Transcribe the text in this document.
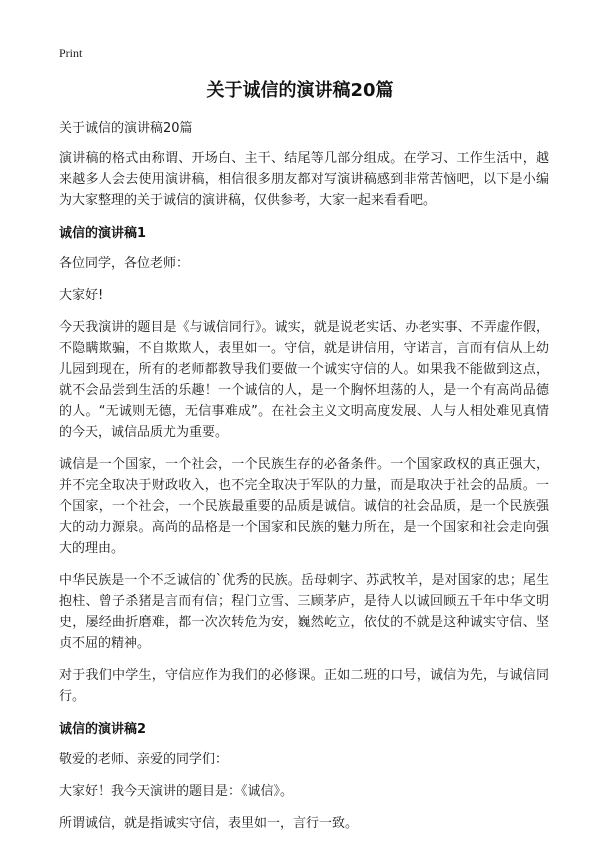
Print
关于诚信的演讲稿20篇

关于诚信的演讲稿20篇

演讲稿的格式由称谓、开场白、主干、结尾等几部分组成。在学习、工作生活中，越来越多人会去使用演讲稿，相信很多朋友都对写演讲稿感到非常苦恼吧，以下是小编为大家整理的关于诚信的演讲稿，仅供参考，大家一起来看看吧。

诚信的演讲稿1

各位同学，各位老师：

大家好!

今天我演讲的题目是《与诚信同行》。诚实，就是说老实话、办老实事、不弄虚作假，不隐瞒欺骗，不自欺欺人，表里如一。守信，就是讲信用，守诺言，言而有信从上幼儿园到现在，所有的老师都教导我们要做一个诚实守信的人。如果我不能做到这点，就不会品尝到生活的乐趣！一个诚信的人，是一个胸怀坦荡的人，是一个有高尚品德的人。“无诚则无德，无信事难成”。在社会主义文明高度发展、人与人相处难见真情的今天，诚信品质尤为重要。

诚信是一个国家，一个社会，一个民族生存的必备条件。一个国家政权的真正强大，并不完全取决于财政收入，也不完全取决于军队的力量，而是取决于社会的品质。一个国家，一个社会，一个民族最重要的品质是诚信。诚信的社会品质，是一个民族强大的动力源泉。高尚的品格是一个国家和民族的魅力所在，是一个国家和社会走向强大的理由。

中华民族是一个不乏诚信的`优秀的民族。岳母刺字、苏武牧羊，是对国家的忠；尾生抱柱、曾子杀猪是言而有信；程门立雪、三顾茅庐，是待人以诚回顾五千年中华文明史，屡经曲折磨难，都一次次转危为安，巍然屹立，依仗的不就是这种诚实守信、坚贞不屈的精神。

对于我们中学生，守信应作为我们的必修课。正如二班的口号，诚信为先，与诚信同行。

诚信的演讲稿2

敬爱的老师、亲爱的同学们：

大家好！我今天演讲的题目是：《诚信》。

所谓诚信，就是指诚实守信，表里如一，言行一致。
